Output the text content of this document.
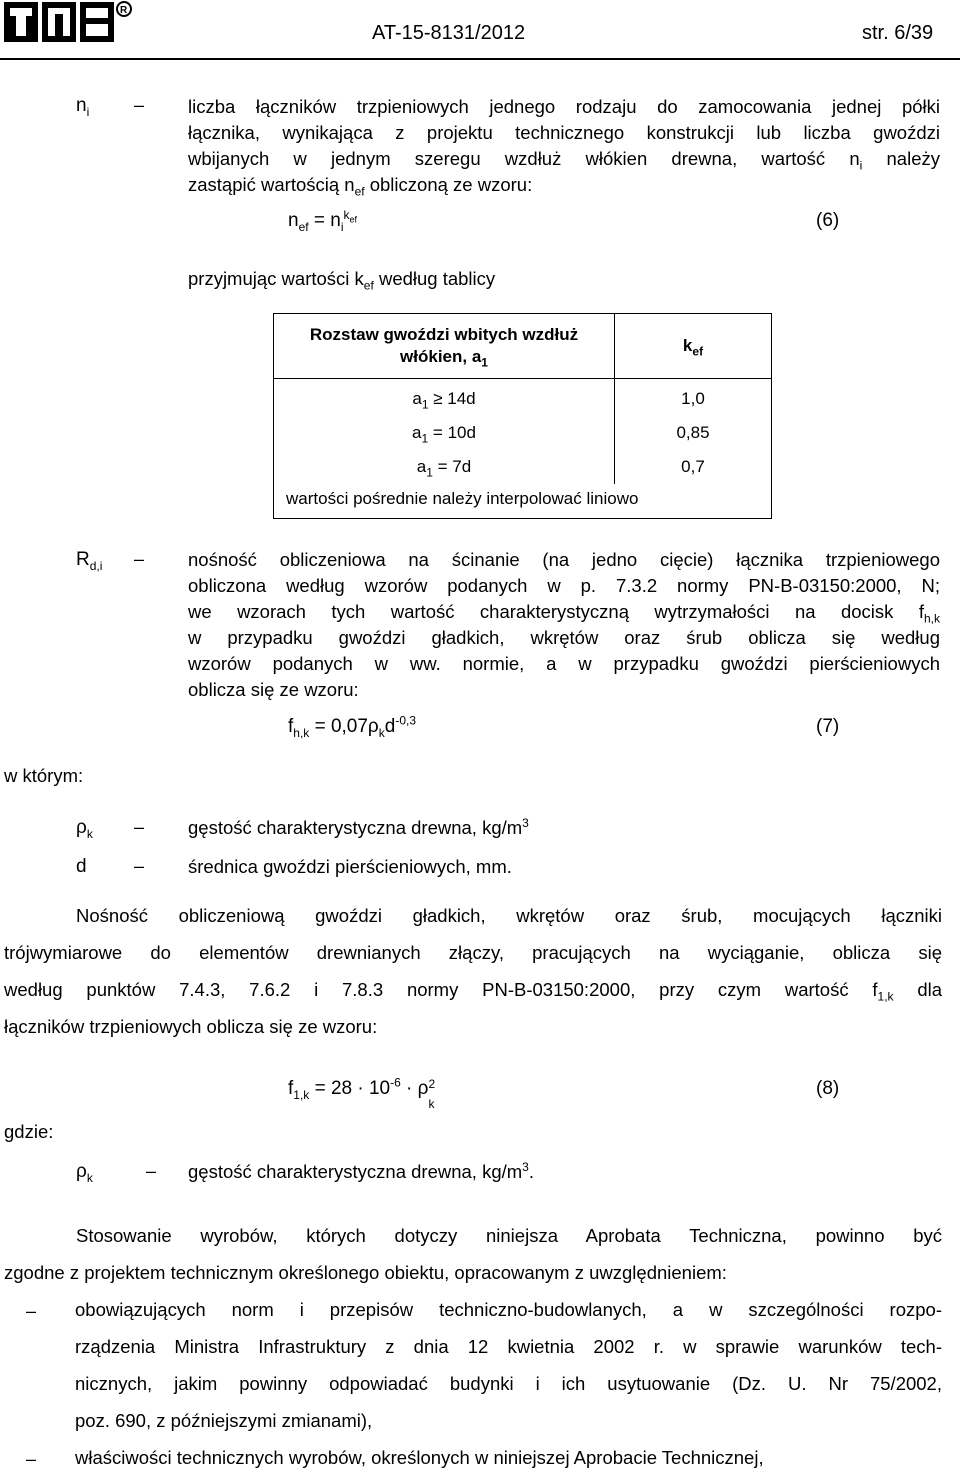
R
AT-15-8131/2012	str. 6/39
$n_i$ – liczba łączników trzpieniowych jednego rodzaju do zamocowania jednej półki
łącznika, wynikająca z projektu technicznego konstrukcji lub liczba gwoździ
wbijanych w jednym szeregu wzdłuż włókien drewna, wartość $n_i$ należy
zastąpić wartością $n_{ef}$ obliczoną ze wzoru:
$n_{ef} = n_i^{k_{ef}}$	(6)
przyjmując wartości $k_{ef}$ według tablicy
Rozstaw gwoździ wbitych wzdłuż
włókien, $a_1$	$k_{ef}$
$a_1 \ge 14d$	1,0
$a_1 = 10d$	0,85
$a_1 = 7d$	0,7
wartości pośrednie należy interpolować liniowo	
$R_{d,i}$ – nośność obliczeniowa na ścinanie (na jedno cięcie) łącznika trzpieniowego
obliczona według wzorów podanych w p. 7.3.2 normy PN-B-03150:2000, N;
we wzorach tych wartość charakterystyczną wytrzymałości na docisk $f_{h,k}$
w przypadku gwoździ gładkich, wkrętów oraz śrub oblicza się według
wzorów podanych w ww. normie, a w przypadku gwoździ pierścieniowych
oblicza się ze wzoru:
$f_{h,k} = 0,07\rho_kd^{-0,3}$	(7)
w którym:
$\rho_k$ – gęstość charakterystyczna drewna, $kg/m^3$
d	– średnica gwoździ pierścieniowych, mm.
Nośność obliczeniową gwoździ gładkich, wkrętów oraz śrub, mocujących łączniki
trójwymiarowe do elementów drewnianych złączy, pracujących na wyciąganie, oblicza się
według punktów 7.4.3, 7.6.2 i 7.8.3 normy PN-B-03150:2000, przy czym wartość $f_{1,k}$ dla
łączników trzpieniowych oblicza się ze wzoru:
$f_{1,k} = 28 \cdot 10^{-6} \cdot \rho$ 2
k
(8)
gdzie:
$\rho_k$	– gęstość charakterystyczna drewna, $kg/m^3$.
Stosowanie wyrobów, których dotyczy niniejsza Aprobata Techniczna, powinno być
zgodne z projektem technicznym określonego obiektu, opracowanym z uwzględnieniem:
– obowiązujących norm i przepisów techniczno-budowlanych, a w szczególności rozpo-
rządzenia Ministra Infrastruktury z dnia 12 kwietnia 2002 r. w sprawie warunków tech-
nicznych, jakim powinny odpowiadać budynki i ich usytuowanie (Dz. U. Nr 75/2002,
poz. 690, z późniejszymi zmianami),
– właściwości technicznych wyrobów, określonych w niniejszej Aprobacie Technicznej,
